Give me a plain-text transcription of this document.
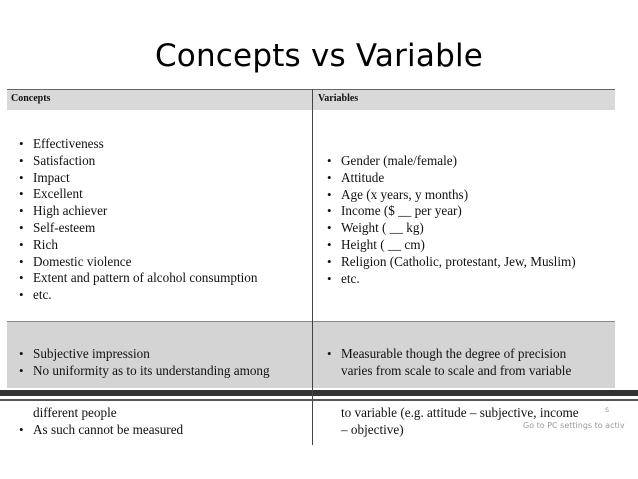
Concepts vs Variable
Concepts	Variables
• Effectiveness
• Satisfaction
• Impact
• Excellent
• High achiever
• Self-esteem
• Rich
• Domestic violence
• Extent and pattern of alcohol consumption
• etc.
• Gender (male/female)
• Attitude
• Age (x years, y months)
• Income ($ __ per year)
• Weight ( __ kg)
• Height ( __ cm)
• Religion (Catholic, protestant, Jew, Muslim)
• etc.
• Subjective impression
• No uniformity as to its understanding among
• Measurable though the degree of precision
varies from scale to scale and from variable
different people
• As such cannot be measured
to variable (e.g. attitude – subjective, income
– objective)
s
Go to PC settings to activ
